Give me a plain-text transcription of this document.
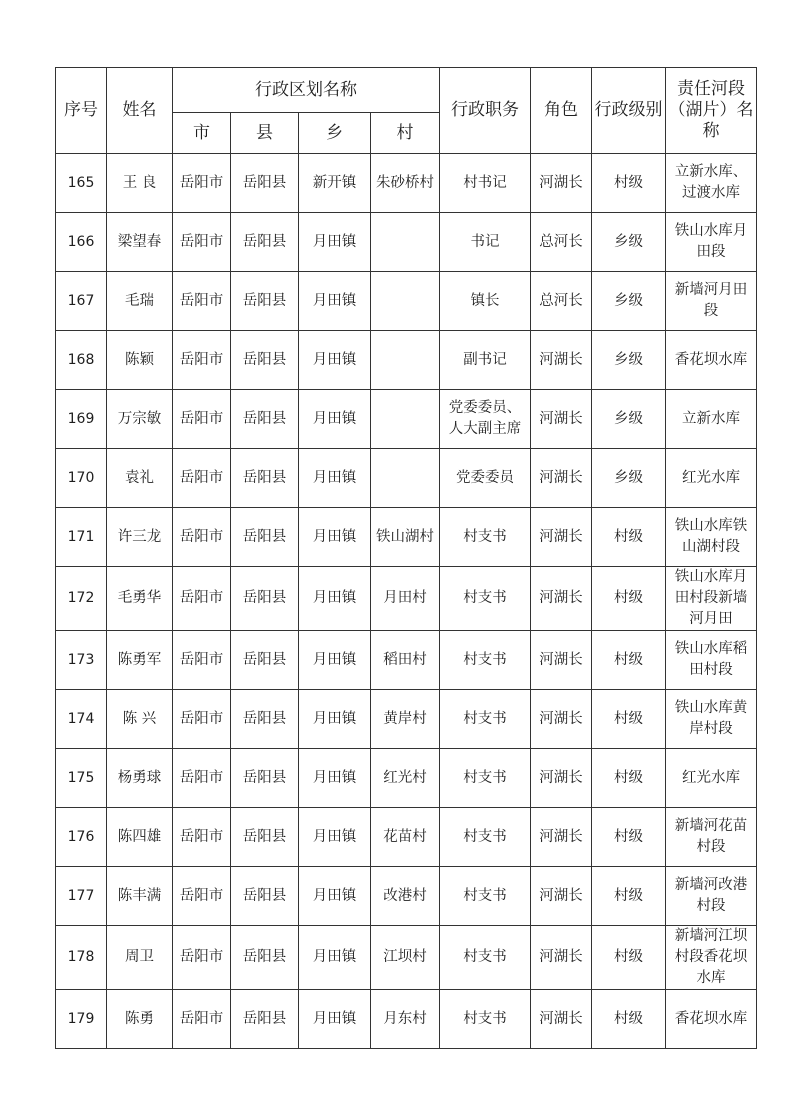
序号	姓名	行政区划名称				行政职务	角色	行政级别	责任河段（湖片）名称
		市	县	乡	村				
165	王 良	岳阳市	岳阳县	新开镇	朱砂桥村	村书记	河湖长	村级	立新水库、过渡水库
166	梁望春	岳阳市	岳阳县	月田镇		书记	总河长	乡级	铁山水库月田段
167	毛瑞	岳阳市	岳阳县	月田镇		镇长	总河长	乡级	新墙河月田段
168	陈颖	岳阳市	岳阳县	月田镇		副书记	河湖长	乡级	香花坝水库
169	万宗敏	岳阳市	岳阳县	月田镇		党委委员、人大副主席	河湖长	乡级	立新水库
170	袁礼	岳阳市	岳阳县	月田镇		党委委员	河湖长	乡级	红光水库
171	许三龙	岳阳市	岳阳县	月田镇	铁山湖村	村支书	河湖长	村级	铁山水库铁山湖村段
172	毛勇华	岳阳市	岳阳县	月田镇	月田村	村支书	河湖长	村级	铁山水库月田村段新墙河月田
173	陈勇军	岳阳市	岳阳县	月田镇	稻田村	村支书	河湖长	村级	铁山水库稻田村段
174	陈 兴	岳阳市	岳阳县	月田镇	黄岸村	村支书	河湖长	村级	铁山水库黄岸村段
175	杨勇球	岳阳市	岳阳县	月田镇	红光村	村支书	河湖长	村级	红光水库
176	陈四雄	岳阳市	岳阳县	月田镇	花苗村	村支书	河湖长	村级	新墙河花苗村段
177	陈丰满	岳阳市	岳阳县	月田镇	改港村	村支书	河湖长	村级	新墙河改港村段
178	周卫	岳阳市	岳阳县	月田镇	江坝村	村支书	河湖长	村级	新墙河江坝村段香花坝水库
179	陈勇	岳阳市	岳阳县	月田镇	月东村	村支书	河湖长	村级	香花坝水库
